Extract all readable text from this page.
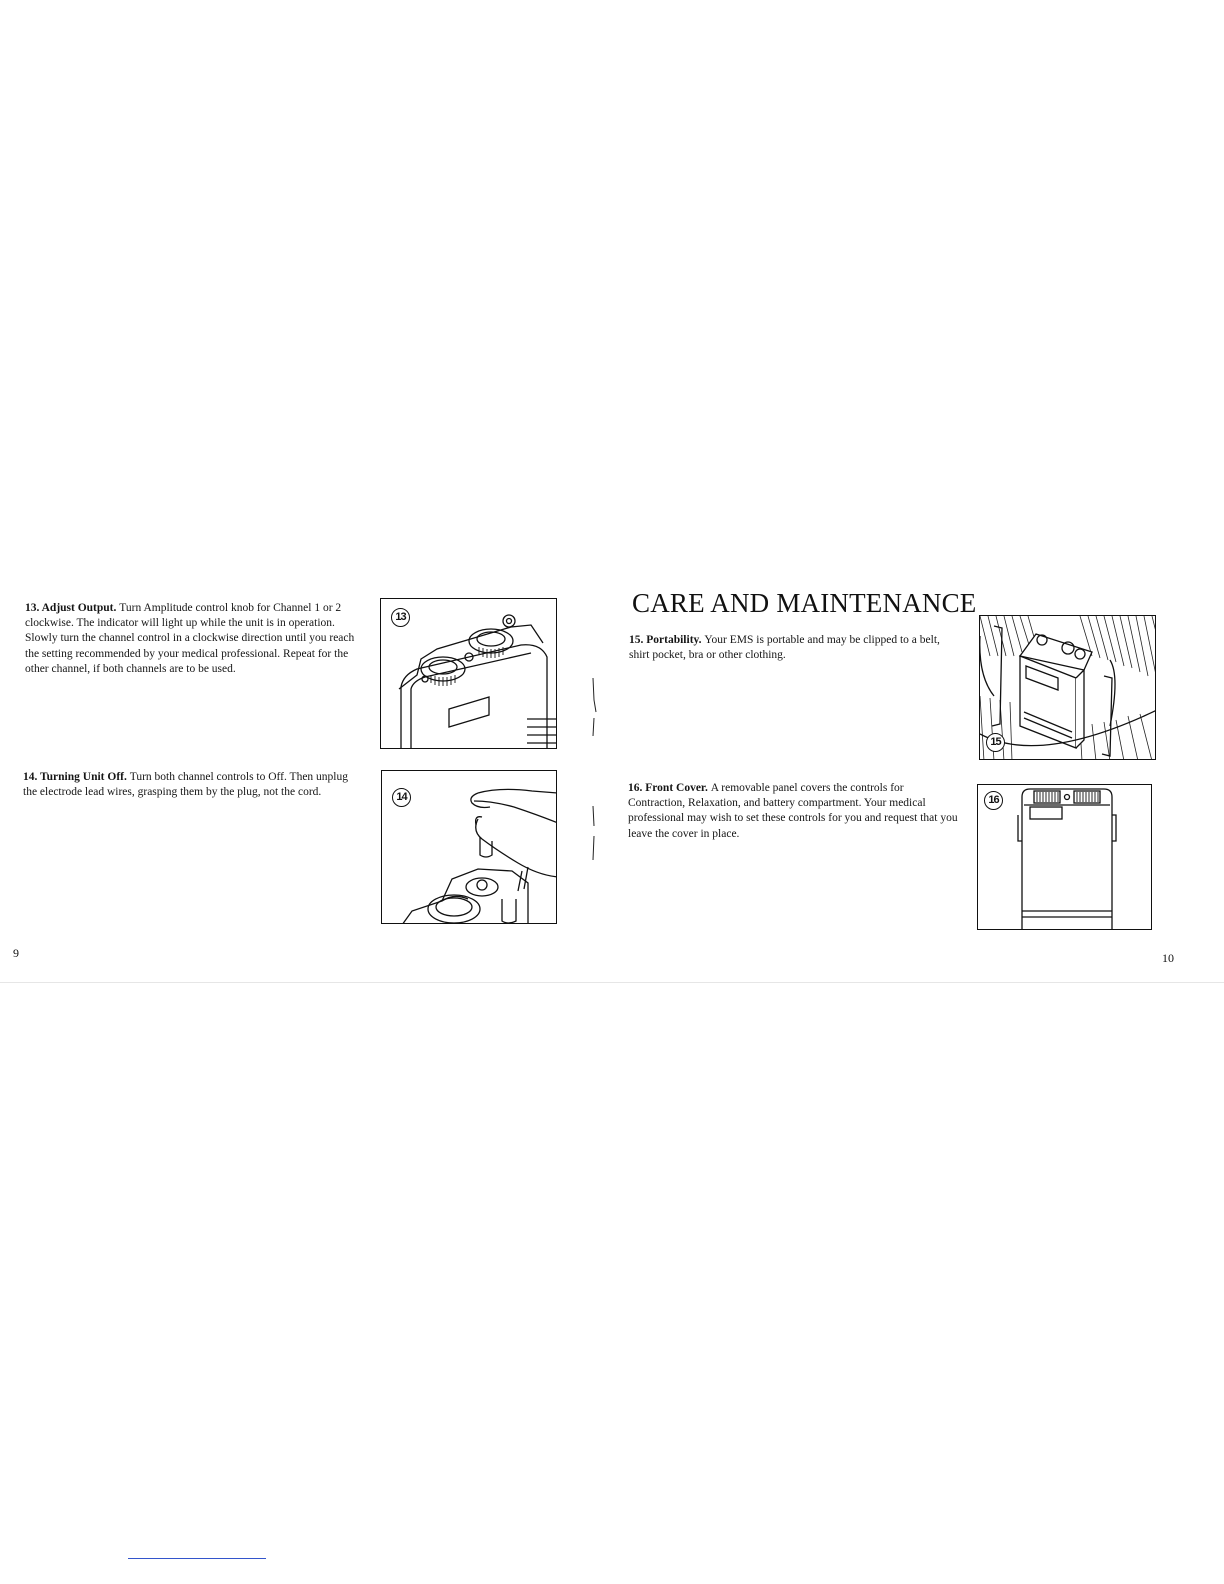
13. Adjust Output. Turn Amplitude control knob for Channel 1 or 2 clockwise. The indicator will light up while the unit is in operation. Slowly turn the channel control in a clockwise direction until you reach the setting recommended by your medical professional. Repeat for the other channel, if both channels are to be used.

13

14. Turning Unit Off. Turn both channel controls to Off. Then unplug the electrode lead wires, grasping them by the plug, not the cord.	14
9
CARE AND MAINTENANCE

15. Portability. Your EMS is portable and may be clipped to a belt, shirt pocket, bra or other clothing.

15

16. Front Cover. A removable panel covers the controls for Contraction, Relaxation, and battery compartment. Your medical professional may wish to set these controls for you and request that you leave the cover in place.

16
10
